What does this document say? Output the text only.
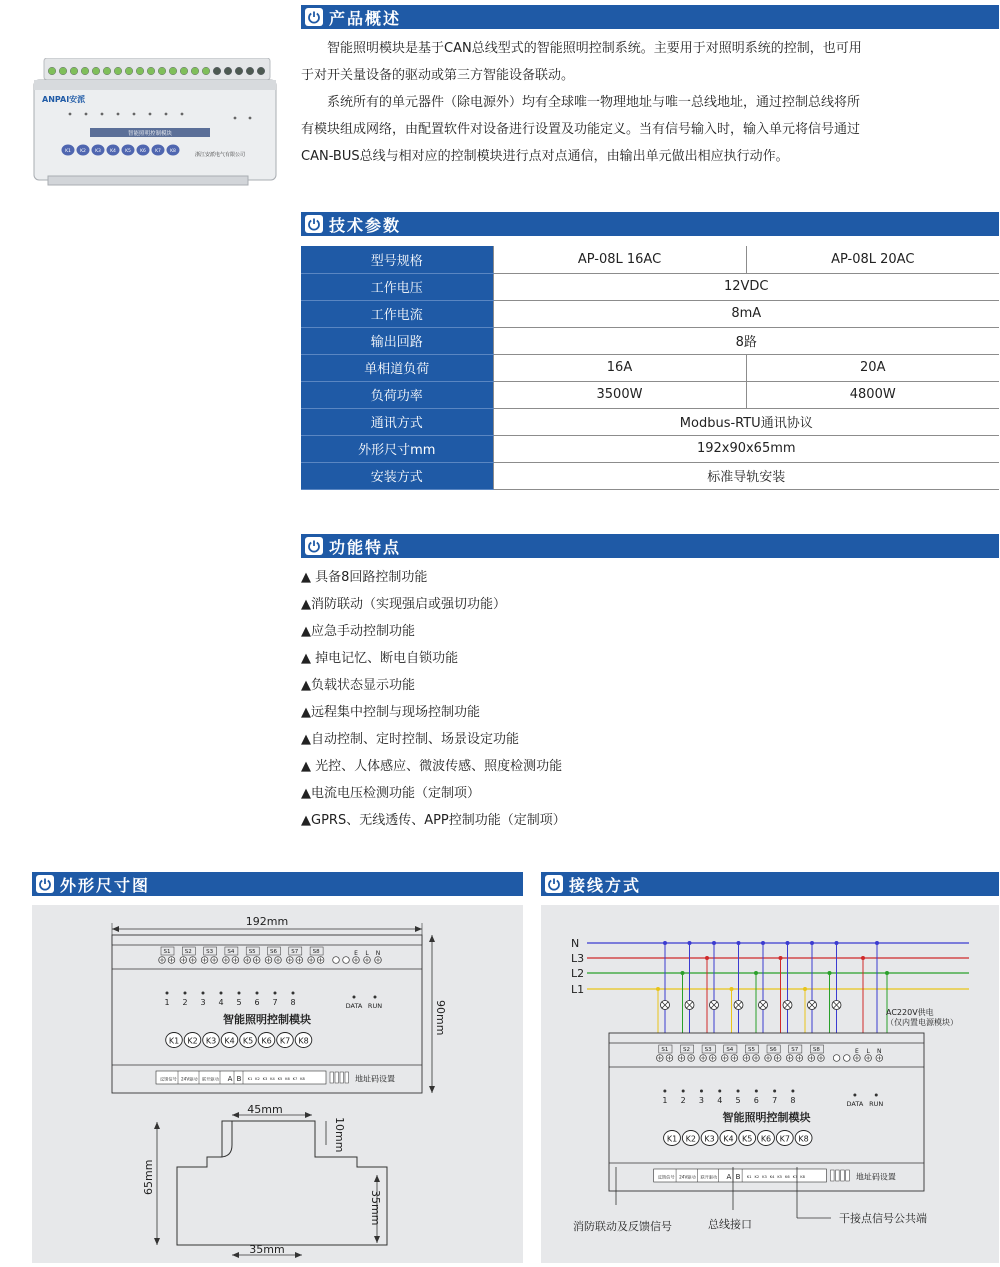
产品概述
ANPAI安派
智能照明控制模块
K1 K2 K3 K4 K5 K6 K7 K8
浙江安派电气有限公司
　　智能照明模块是基于CAN总线型式的智能照明控制系统。主要用于对照明系统的控制，也可用
于对开关量设备的驱动或第三方智能设备联动。
　　系统所有的单元器件（除电源外）均有全球唯一物理地址与唯一总线地址，通过控制总线将所
有模块组成网络，由配置软件对设备进行设置及功能定义。当有信号输入时，输入单元将信号通过
CAN-BUS总线与相对应的控制模块进行点对点通信，由输出单元做出相应执行动作。
技术参数
型号规格	AP-08L 16AC	AP-08L 20AC
工作电压	12VDC	
工作电流	8mA	
输出回路	8路	
单相道负荷	16A	20A
负荷功率	3500W	4800W
通讯方式	Modbus-RTU通讯协议	
外形尺寸mm	192x90x65mm	
安装方式	标准导轨安装	
功能特点
▲ 具备8回路控制功能
▲消防联动（实现强启或强切功能）
▲应急手动控制功能
▲ 掉电记忆、断电自锁功能
▲负载状态显示功能
▲远程集中控制与现场控制功能
▲自动控制、定时控制、场景设定功能
▲ 光控、人体感应、微波传感、照度检测功能
▲电流电压检测功能（定制项）
▲GPRS、无线透传、APP控制功能（定制项）
外形尺寸图
192mm
S1	S2	S3	S4	S5	S6	S7	S8	E L N
1 2 3 4 5 6 7 8	DATA RUN
智能照明控制模块
K1 K2 K3 K4 K5 K6 K7 K8
反馈信号 24V驱动 联开驱动 A B K1 K2 K3 K4 K5 K6 K7 K8	地址码设置
90mm
45mm
65mm
10mm
35mm
35mm
接线方式
N
L3
L2
L1
AC220V供电
（仅内置电源模块）
S1	S2	S3	S4	S5	S6	S7	S8	E L N
1 2 3 4 5 6 7 8	DATA RUN
智能照明控制模块
K1 K2 K3 K4 K5 K6 K7 K8
反馈信号 24V驱动 联开驱动 A B K1 K2 K3 K4 K5 K6 K7 K8	地址码设置
消防联动及反馈信号	总线接口	干接点信号公共端
